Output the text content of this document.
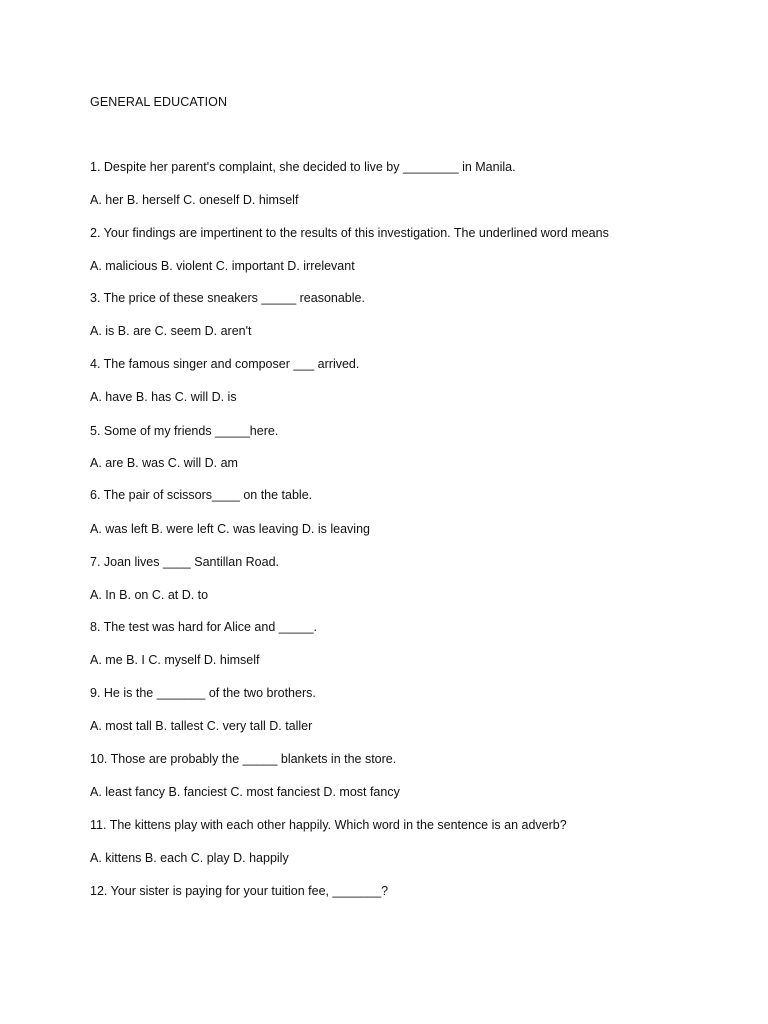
GENERAL EDUCATION
1. Despite her parent's complaint, she decided to live by ________ in Manila.
A. her B. herself C. oneself D. himself
2. Your findings are impertinent to the results of this investigation. The underlined word means
A. malicious B. violent C. important D. irrelevant
3. The price of these sneakers _____ reasonable.
A. is B. are C. seem D. aren't
4. The famous singer and composer ___ arrived.
A. have B. has C. will D. is
5. Some of my friends _____here.
A. are B. was C. will D. am
6. The pair of scissors____ on the table.
A. was left B. were left C. was leaving D. is leaving
7. Joan lives ____ Santillan Road.
A. In B. on C. at D. to
8. The test was hard for Alice and _____.
A. me B. I C. myself D. himself
9. He is the _______ of the two brothers.
A. most tall B. tallest C. very tall D. taller
10. Those are probably the _____ blankets in the store.
A. least fancy B. fanciest C. most fanciest D. most fancy
11. The kittens play with each other happily. Which word in the sentence is an adverb?
A. kittens B. each C. play D. happily
12. Your sister is paying for your tuition fee, _______?
